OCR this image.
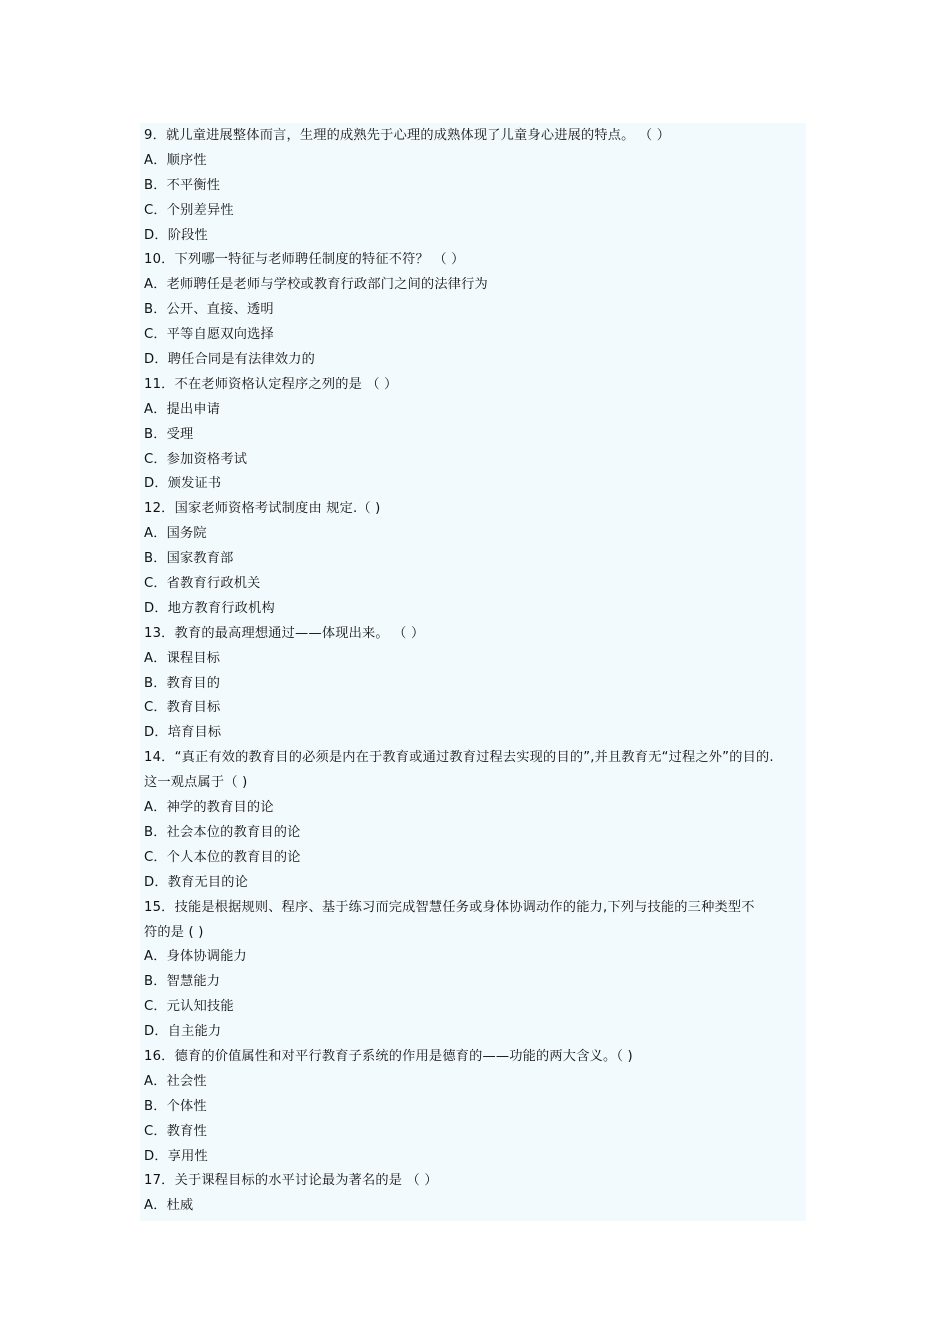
9．就儿童进展整体而言，生理的成熟先于心理的成熟体现了儿童身心进展的特点。 （ ）
A．顺序性
B．不平衡性
C．个别差异性
D．阶段性
10．下列哪一特征与老师聘任制度的特征不符？ （ ）
A．老师聘任是老师与学校或教育行政部门之间的法律行为
B．公开、直接、透明
C．平等自愿双向选择
D．聘任合同是有法律效力的
11．不在老师资格认定程序之列的是 （ ）
A．提出申请
B．受理
C．参加资格考试
D．颁发证书
12．国家老师资格考试制度由 规定.（ )
A．国务院
B．国家教育部
C．省教育行政机关
D．地方教育行政机构
13．教育的最高理想通过——体现出来。 （ ）
A．课程目标
B．教育目的
C．教育目标
D．培育目标
14．“真正有效的教育目的必须是内在于教育或通过教育过程去实现的目的”,并且教育无“过程之外”的目的.
这一观点属于（ )
A．神学的教育目的论
B．社会本位的教育目的论
C．个人本位的教育目的论
D．教育无目的论
15．技能是根据规则、程序、基于练习而完成智慧任务或身体协调动作的能力,下列与技能的三种类型不
符的是 ( )
A．身体协调能力
B．智慧能力
C．元认知技能
D．自主能力
16．德育的价值属性和对平行教育子系统的作用是德育的——功能的两大含义。（ )
A．社会性
B．个体性
C．教育性
D．享用性
17．关于课程目标的水平讨论最为著名的是 （ ）
A．杜威
